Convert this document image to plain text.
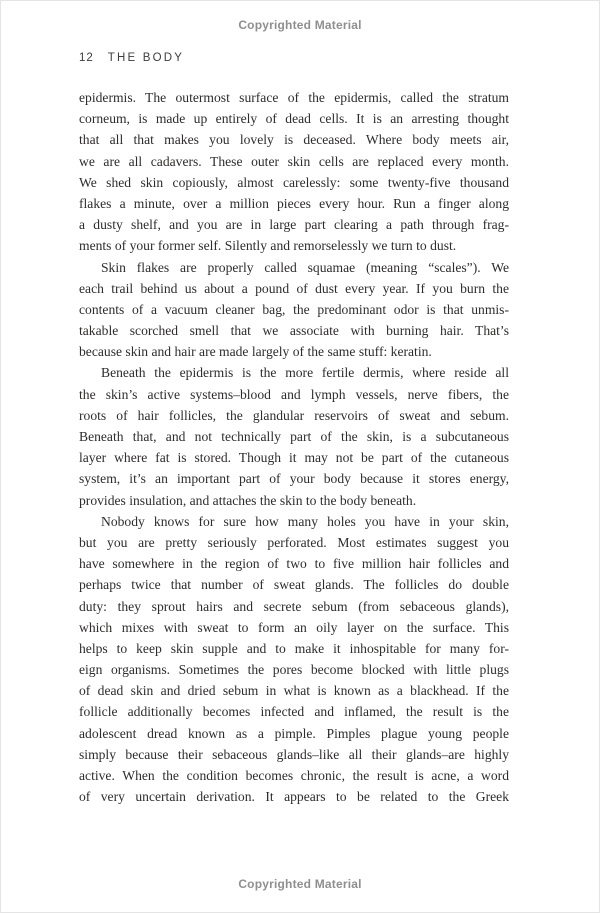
Copyrighted Material
12 THE BODY
epidermis. The outermost surface of the epidermis, called the stratum
corneum, is made up entirely of dead cells. It is an arresting thought
that all that makes you lovely is deceased. Where body meets air,
we are all cadavers. These outer skin cells are replaced every month.
We shed skin copiously, almost carelessly: some twenty-five thousand
flakes a minute, over a million pieces every hour. Run a finger along
a dusty shelf, and you are in large part clearing a path through frag-
ments of your former self. Silently and remorselessly we turn to dust.
Skin flakes are properly called squamae (meaning “scales”). We
each trail behind us about a pound of dust every year. If you burn the
contents of a vacuum cleaner bag, the predominant odor is that unmis-
takable scorched smell that we associate with burning hair. That’s
because skin and hair are made largely of the same stuff: keratin.
Beneath the epidermis is the more fertile dermis, where reside all
the skin’s active systems–blood and lymph vessels, nerve fibers, the
roots of hair follicles, the glandular reservoirs of sweat and sebum.
Beneath that, and not technically part of the skin, is a subcutaneous
layer where fat is stored. Though it may not be part of the cutaneous
system, it’s an important part of your body because it stores energy,
provides insulation, and attaches the skin to the body beneath.
Nobody knows for sure how many holes you have in your skin,
but you are pretty seriously perforated. Most estimates suggest you
have somewhere in the region of two to five million hair follicles and
perhaps twice that number of sweat glands. The follicles do double
duty: they sprout hairs and secrete sebum (from sebaceous glands),
which mixes with sweat to form an oily layer on the surface. This
helps to keep skin supple and to make it inhospitable for many for-
eign organisms. Sometimes the pores become blocked with little plugs
of dead skin and dried sebum in what is known as a blackhead. If the
follicle additionally becomes infected and inflamed, the result is the
adolescent dread known as a pimple. Pimples plague young people
simply because their sebaceous glands–like all their glands–are highly
active. When the condition becomes chronic, the result is acne, a word
of very uncertain derivation. It appears to be related to the Greek
Copyrighted Material
